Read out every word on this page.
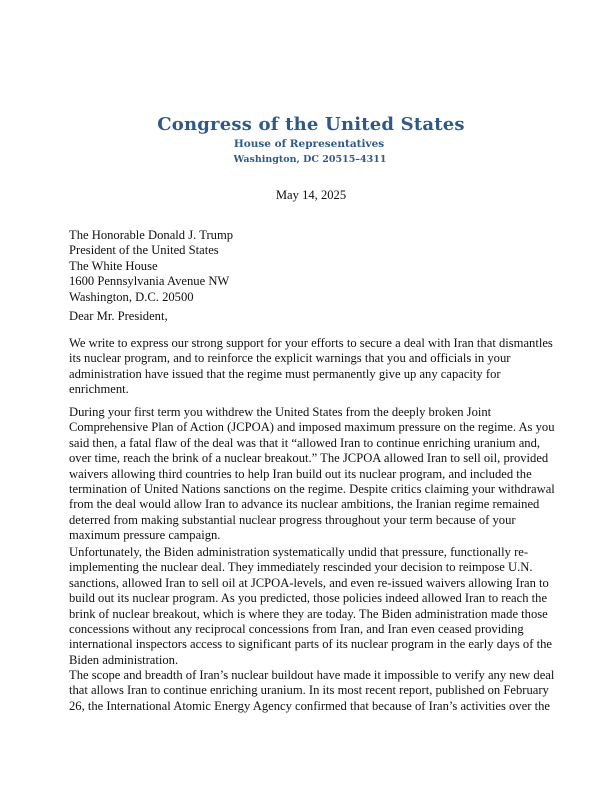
Congress of the United States
House of Representatives
Washington, DC 20515–4311
May 14, 2025
The Honorable Donald J. Trump
President of the United States
The White House
1600 Pennsylvania Avenue NW
Washington, D.C. 20500
Dear Mr. President,
We write to express our strong support for your efforts to secure a deal with Iran that dismantles
its nuclear program, and to reinforce the explicit warnings that you and officials in your
administration have issued that the regime must permanently give up any capacity for
enrichment.
During your first term you withdrew the United States from the deeply broken Joint
Comprehensive Plan of Action (JCPOA) and imposed maximum pressure on the regime. As you
said then, a fatal flaw of the deal was that it “allowed Iran to continue enriching uranium and,
over time, reach the brink of a nuclear breakout.” The JCPOA allowed Iran to sell oil, provided
waivers allowing third countries to help Iran build out its nuclear program, and included the
termination of United Nations sanctions on the regime. Despite critics claiming your withdrawal
from the deal would allow Iran to advance its nuclear ambitions, the Iranian regime remained
deterred from making substantial nuclear progress throughout your term because of your
maximum pressure campaign.
Unfortunately, the Biden administration systematically undid that pressure, functionally re-
implementing the nuclear deal. They immediately rescinded your decision to reimpose U.N.
sanctions, allowed Iran to sell oil at JCPOA-levels, and even re-issued waivers allowing Iran to
build out its nuclear program. As you predicted, those policies indeed allowed Iran to reach the
brink of nuclear breakout, which is where they are today. The Biden administration made those
concessions without any reciprocal concessions from Iran, and Iran even ceased providing
international inspectors access to significant parts of its nuclear program in the early days of the
Biden administration.
The scope and breadth of Iran’s nuclear buildout have made it impossible to verify any new deal
that allows Iran to continue enriching uranium. In its most recent report, published on February
26, the International Atomic Energy Agency confirmed that because of Iran’s activities over the
